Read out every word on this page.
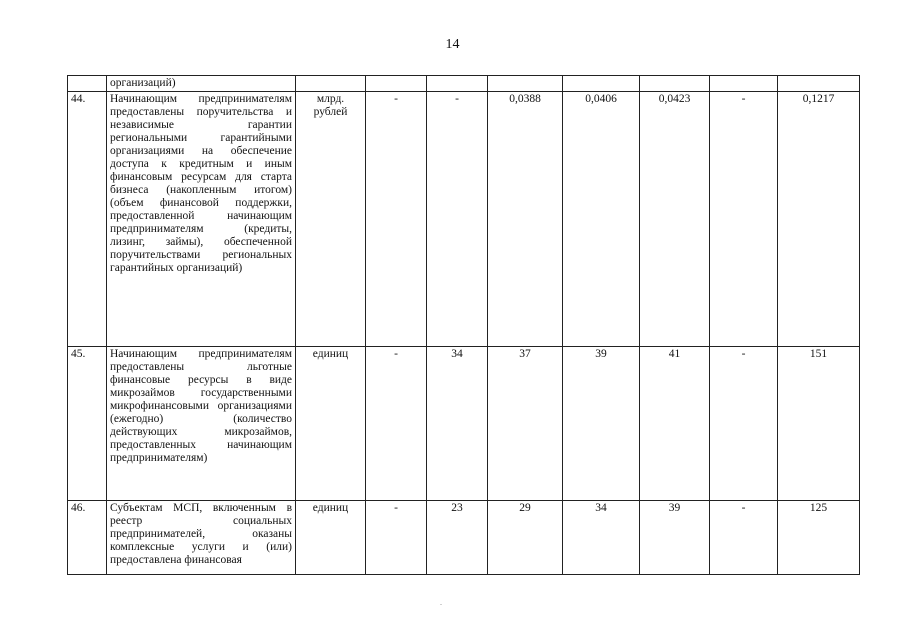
14
	организаций)								
44.	Начинающим предпринимателям предоставлены поручительства и независимые гарантии региональными гарантийными организациями на обеспечение доступа к кредитным и иным финансовым ресурсам для старта бизнеса (накопленным итогом) (объем финансовой поддержки, предоставленной начинающим предпринимателям (кредиты, лизинг, займы), обеспеченной поручительствами региональных гарантийных организаций)	млрд. рублей	-	-	0,0388	0,0406	0,0423	-	0,1217
45.	Начинающим предпринимателям предоставлены льготные финансовые ресурсы в виде микрозаймов государственными микрофинансовыми организациями (ежегодно) (количество действующих микрозаймов, предоставленных начинающим предпринимателям)	единиц	-	34	37	39	41	-	151
46.	Субъектам МСП, включенным в реестр социальных предпринимателей, оказаны комплексные услуги и (или) предоставлена финансовая	единиц	-	23	29	34	39	-	125
.
